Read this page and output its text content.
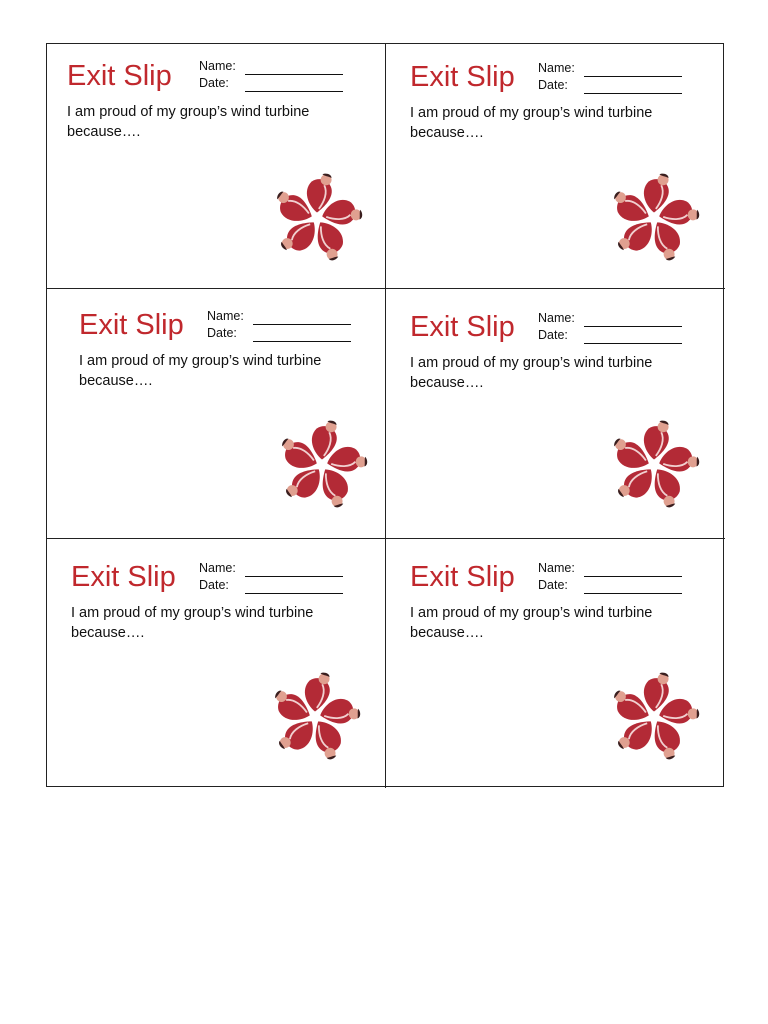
Exit Slip Name:
Date:
I am proud of my group’s wind turbine because….
Exit Slip Name:
Date:
I am proud of my group’s wind turbine because….
Exit Slip Name:
Date:
I am proud of my group’s wind turbine because….
Exit Slip Name:
Date:
I am proud of my group’s wind turbine because….
Exit Slip Name:
Date:
I am proud of my group’s wind turbine because….
Exit Slip Name:
Date:
I am proud of my group’s wind turbine because….
